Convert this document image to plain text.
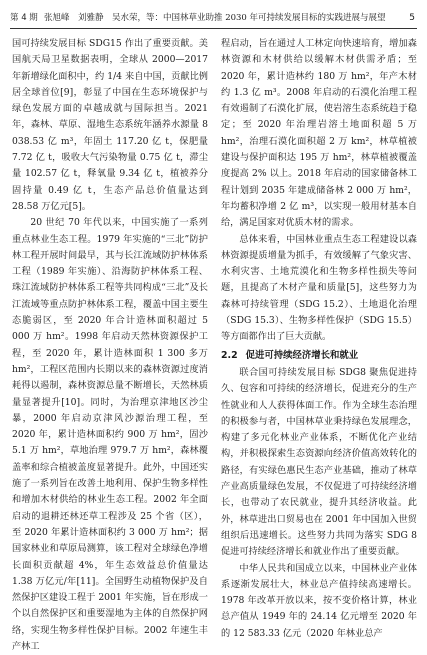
第 4 期 张旭峰　刘雅静　吴水荣，等：中国林草业助推 2030 年可持续发展目标的实践进展与展望	5

国可持续发展目标 SDG15 作出了重要贡献。美国航天局卫星数据表明，全球从 2000—2017 年新增绿化面积中，约 1/4 来自中国，贡献比例居全球首位[9]，彰显了中国在生态环境保护与绿色发展方面的卓越成就与国际担当。2021 年，森林、草原、湿地生态系统年涵养水源量 8 038.53 亿 m³，年固土 117.20 亿 t，保肥量 7.72 亿 t，吸收大气污染物量 0.75 亿 t，滞尘量 102.57 亿 t，释氧量 9.34 亿 t，植被养分固持量 0.49 亿 t，生态产品总价值量达到 28.58 万亿元[5]。

20 世纪 70 年代以来，中国实施了一系列重点林业生态工程。1979 年实施的“三北”防护林工程开展时间最早，其与长江流域防护林体系工程（1989 年实施）、沿海防护林体系工程、珠江流域防护林体系工程等共同构成“三北”及长江流域等重点防护林体系工程，覆盖中国主要生态脆弱区，至 2020 年合计造林面积超过 5 000 万 hm²。1998 年启动天然林资源保护工程，至 2020 年，累计造林面积 1 300 多万 hm²，工程区范围内长期以来的森林资源过度消耗得以遏制，森林资源总量不断增长，天然林质量显著提升[10]。同时，为治理京津地区沙尘暴，2000 年启动京津风沙源治理工程，至 2020 年，累计造林面积约 900 万 hm²，固沙 5.1 万 hm²，草地治理 979.7 万 hm²，森林覆盖率和综合植被盖度显著提升。此外，中国还实施了一系列旨在改善土地利用、保护生物多样性和增加木材供给的林业生态工程。2002 年全面启动的退耕还林还草工程涉及 25 个省（区），至 2020 年累计造林面积约 3 000 万 hm²；据国家林业和草原局测算，该工程对全球绿色净增长面积贡献超 4%，年生态效益总价值量达 1.38 万亿元/年[11]。全国野生动植物保护及自然保护区建设工程于 2001 年实施，旨在形成一个以自然保护区和重要湿地为主体的自然保护网络，实现生物多样性保护目标。2002 年速生丰产林工

程启动，旨在通过人工林定向快速培育，增加森林资源和木材供给以缓解木材供需矛盾；至 2020 年，累计造林约 180 万 hm²，年产木材约 1.3 亿 m³。2008 年启动的石漠化治理工程有效遏制了石漠化扩展，使岩溶生态系统趋于稳定；至 2020 年治理岩溶土地面积超 5 万 hm²，治理石漠化面积超 2 万 km²，林草植被建设与保护面积达 195 万 hm²，林草植被覆盖度提高 2% 以上。2018 年启动的国家储备林工程计划到 2035 年建成储备林 2 000 万 hm²，年均蓄积净增 2 亿 m³，以实现一般用材基本自给，满足国家对优质木材的需求。

总体来看，中国林业重点生态工程建设以森林资源提质增量为抓手，有效缓解了气象灾害、水利灾害、土地荒漠化和生物多样性损失等问题，且提高了木材产量和质量[5]，这些努力为森林可持续管理（SDG 15.2）、土地退化治理（SDG 15.3）、生物多样性保护（SDG 15.5）等方面都作出了巨大贡献。

2.2 促进可持续经济增长和就业

联合国可持续发展目标 SDG8 聚焦促进持久、包容和可持续的经济增长，促进充分的生产性就业和人人获得体面工作。作为全球生态治理的积极参与者，中国林草业秉持绿色发展理念，构建了多元化林业产业体系，不断优化产业结构，并积极探索生态资源向经济价值高效转化的路径，有实绿色惠民生态产业基础，推动了林草产业高质量绿色发展，不仅促进了可持续经济增长，也带动了农民就业，提升其经济收益。此外，林草进出口贸易也在 2001 年中国加入世贸组织后迅速增长。这些努力共同为落实 SDG 8 促进可持续经济增长和就业作出了重要贡献。

中华人民共和国成立以来，中国林业产业体系逐渐发展壮大，林业总产值持续高速增长。1978 年改革开放以来，按不变价格计算，林业总产值从 1949 年的 24.14 亿元增至 2020 年的 12 583.33 亿元（2020 年林业总产
